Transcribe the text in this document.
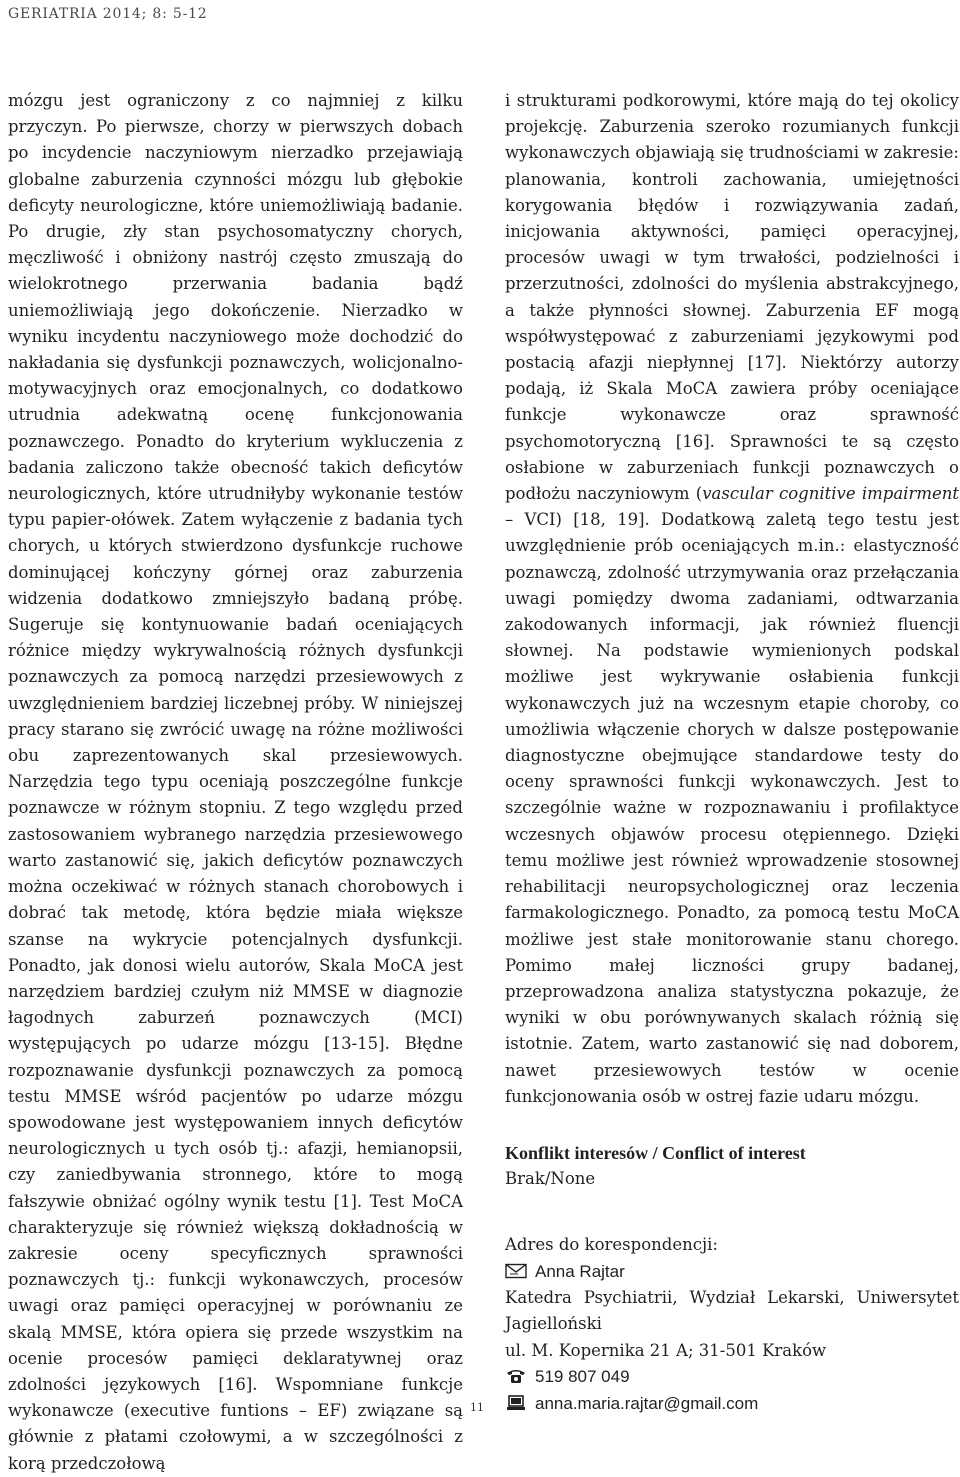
GERIATRIA 2014; 8: 5-12

mózgu jest ograniczony z co najmniej z kilku przyczyn. Po pierwsze, chorzy w pierwszych dobach po incydencie naczyniowym nierzadko przejawiają globalne zaburzenia czynności mózgu lub głębokie deficyty neurologiczne, które uniemożliwiają badanie. Po drugie, zły stan psychosomatyczny chorych, męczliwość i obniżony nastrój często zmuszają do wielokrotnego przerwania badania bądź uniemożliwiają jego dokończenie. Nierzadko w wyniku incydentu naczyniowego może dochodzić do nakładania się dysfunkcji poznawczych, wolicjonalno-motywacyjnych oraz emocjonalnych, co dodatkowo utrudnia adekwatną ocenę funkcjonowania poznawczego. Ponadto do kryterium wykluczenia z badania zaliczono także obecność takich deficytów neurologicznych, które utrudniłyby wykonanie testów typu papier-ołówek. Zatem wyłączenie z badania tych chorych, u których stwierdzono dysfunkcje ruchowe dominującej kończyny górnej oraz zaburzenia widzenia dodatkowo zmniejszyło badaną próbę. Sugeruje się kontynuowanie badań oceniających różnice między wykrywalnością różnych dysfunkcji poznawczych za pomocą narzędzi przesiewowych z uwzględnieniem bardziej liczebnej próby. W niniejszej pracy starano się zwrócić uwagę na różne możliwości obu zaprezentowanych skal przesiewowych. Narzędzia tego typu oceniają poszczególne funkcje poznawcze w różnym stopniu. Z tego względu przed zastosowaniem wybranego narzędzia przesiewowego warto zastanowić się, jakich deficytów poznawczych można oczekiwać w różnych stanach chorobowych i dobrać tak metodę, która będzie miała większe szanse na wykrycie potencjalnych dysfunkcji. Ponadto, jak donosi wielu autorów, Skala MoCA jest narzędziem bardziej czułym niż MMSE w diagnozie łagodnych zaburzeń poznawczych (MCI) występujących po udarze mózgu [13-15]. Błędne rozpoznawanie dysfunkcji poznawczych za pomocą testu MMSE wśród pacjentów po udarze mózgu spowodowane jest występowaniem innych deficytów neurologicznych u tych osób tj.: afazji, hemianopsii, czy zaniedbywania stronnego, które to mogą fałszywie obniżać ogólny wynik testu [1]. Test MoCA charakteryzuje się również większą dokładnością w zakresie oceny specyficznych sprawności poznawczych tj.: funkcji wykonawczych, procesów uwagi oraz pamięci operacyjnej w porównaniu ze skalą MMSE, która opiera się przede wszystkim na ocenie procesów pamięci deklaratywnej oraz zdolności językowych [16]. Wspomniane funkcje wykonawcze (executive funtions – EF) związane są głównie z płatami czołowymi, a w szczególności z korą przedczołową

i strukturami podkorowymi, które mają do tej okolicy projekcję. Zaburzenia szeroko rozumianych funkcji wykonawczych objawiają się trudnościami w zakresie: planowania, kontroli zachowania, umiejętności korygowania błędów i rozwiązywania zadań, inicjowania aktywności, pamięci operacyjnej, procesów uwagi w tym trwałości, podzielności i przerzutności, zdolności do myślenia abstrakcyjnego, a także płynności słownej. Zaburzenia EF mogą współwystępować z zaburzeniami językowymi pod postacią afazji niepłynnej [17]. Niektórzy autorzy podają, iż Skala MoCA zawiera próby oceniające funkcje wykonawcze oraz sprawność psychomotoryczną [16]. Sprawności te są często osłabione w zaburzeniach funkcji poznawczych o podłożu naczyniowym (vascular cognitive impairment – VCI) [18, 19]. Dodatkową zaletą tego testu jest uwzględnienie prób oceniających m.in.: elastyczność poznawczą, zdolność utrzymywania oraz przełączania uwagi pomiędzy dwoma zadaniami, odtwarzania zakodowanych informacji, jak również fluencji słownej. Na podstawie wymienionych podskal możliwe jest wykrywanie osłabienia funkcji wykonawczych już na wczesnym etapie choroby, co umożliwia włączenie chorych w dalsze postępowanie diagnostyczne obejmujące standardowe testy do oceny sprawności funkcji wykonawczych. Jest to szczególnie ważne w rozpoznawaniu i profilaktyce wczesnych objawów procesu otępiennego. Dzięki temu możliwe jest również wprowadzenie stosownej rehabilitacji neuropsychologicznej oraz leczenia farmakologicznego. Ponadto, za pomocą testu MoCA możliwe jest stałe monitorowanie stanu chorego. Pomimo małej liczności grupy badanej, przeprowadzona analiza statystyczna pokazuje, że wyniki w obu porównywanych skalach różnią się istotnie. Zatem, warto zastanowić się nad doborem, nawet przesiewowych testów w ocenie funkcjonowania osób w ostrej fazie udaru mózgu.

Konflikt interesów / Conflict of interest

Brak/None

Adres do korespondencji:
Anna Rajtar
Katedra Psychiatrii, Wydział Lekarski, Uniwersytet Jagielloński
ul. M. Kopernika 21 A; 31-501 Kraków
519 807 049
anna.maria.rajtar@gmail.com
11
